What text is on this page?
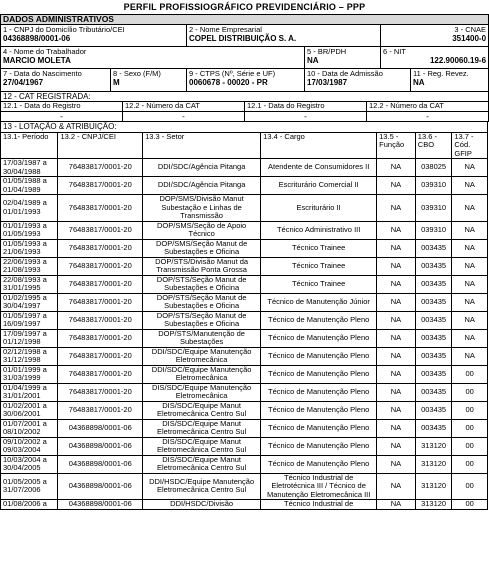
PERFIL PROFISSIOGRÁFICO PREVIDENCIÁRIO – PPP
DADOS ADMINISTRATIVOS			

1 - CNPJ do Domicílio Tributário/CEI
04368898/0001-06	2 - Nome Empresarial
COPEL DISTRIBUIÇÃO S. A.		3 - CNAE
351400-0

4 - Nome do Trabalhador
MARCIO MOLETA		5 - BR/PDH
NA	6 - NIT
122.90060.19-6
7 - Data do Nascimento
27/04/1967

8 - Sexo (F/M)
M

9 - CTPS (Nº, Série e UF)
0060678 - 00020 - PR

10 - Data de Admissão
17/03/1987

11 - Reg. Revez.
NA
12 - CAT REGISTRADA:			
12.1 - Data do Registro	12.2 - Número da CAT	12.1 - Data do Registro	12.2 - Número da CAT
-	-	-	-
13 - LOTAÇÃO & ATRIBUIÇÃO:						
13.1- Período	13.2 - CNPJ/CEI	13.3 - Setor	13.4 - Cargo	13.5 - Função	13.6 - CBO	13.7 - Cód. GFIP
17/03/1987 a 30/04/1988	76483817/0001-20	DDI/SDC/Agência Pitanga	Atendente de Consumidores II	NA	038025	NA
01/05/1988 a 01/04/1989	76483817/0001-20	DDI/SDC/Agência Pitanga	Escriturário Comercial II	NA	039310	NA
02/04/1989 a 01/01/1993	76483817/0001-20	DOP/SMS/Divisão Manut Subestação e Linhas de Transmissão	Escriturário II	NA	039310	NA
01/01/1993 a 01/05/1993	76483817/0001-20	DOP/SMS/Seção de Apoio Técnico	Técnico Administrativo III	NA	039310	NA
01/05/1993 a 21/06/1993	76483817/0001-20	DOP/SMS/Seção Manut de Subestações e Oficina	Técnico Trainee	NA	003435	NA
22/06/1993 a 21/08/1993	76483817/0001-20	DOP/STS/Divisão Manut da Transmissão Ponta Grossa	Técnico Trainee	NA	003435	NA
22/08/1993 a 31/01/1995	76483817/0001-20	DOP/STS/Seção Manut de Subestações e Oficina	Técnico Trainee	NA	003435	NA
01/02/1995 a 30/04/1997	76483817/0001-20	DOP/STS/Seção Manut de Subestações e Oficina	Técnico de Manutenção Júnior	NA	003435	NA
01/05/1997 a 16/09/1997	76483817/0001-20	DOP/STS/Seção Manut de Subestações e Oficina	Técnico de Manutenção Pleno	NA	003435	NA
17/09/1997 a 01/12/1998	76483817/0001-20	DOP/STS/Manutenção de Subestações	Técnico de Manutenção Pleno	NA	003435	NA
02/12/1998 a 31/12/1998	76483817/0001-20	DDI/SDC/Equipe Manutenção Eletromecânica	Técnico de Manutenção Pleno	NA	003435	NA
01/01/1999 a 31/03/1999	76483817/0001-20	DDI/SDC/Equipe Manutenção Eletromecânica	Técnico de Manutenção Pleno	NA	003435	00
01/04/1999 a 31/01/2001	76483817/0001-20	DIS/SDC/Equipe Manutenção Eletromecânica	Técnico de Manutenção Pleno	NA	003435	00
01/02/2001 a 30/06/2001	76483817/0001-20	DIS/SDC/Equipe Manut Eletromecânica Centro Sul	Técnico de Manutenção Pleno	NA	003435	00
01/07/2001 a 08/10/2002	04368898/0001-06	DIS/SDC/Equipe Manut Eletromecânica Centro Sul	Técnico de Manutenção Pleno	NA	003435	00
09/10/2002 a 09/03/2004	04368898/0001-06	DIS/SDC/Equipe Manut Eletromecânica Centro Sul	Técnico de Manutenção Pleno	NA	313120	00
10/03/2004 a 30/04/2005	04368898/0001-06	DIS/SDC/Equipe Manut Eletromecânica Centro Sul	Técnico de Manutenção Pleno	NA	313120	00
01/05/2005 a 31/07/2006	04368898/0001-06	DDI/HSDC/Equipe Manutenção Eletromecânica Centro Sul	Técnico Industrial de Eletrotécnica III / Técnico de Manutenção Eletromecânica III	NA	313120	00
01/08/2006 a	04368898/0001-06	DDI/HSDC/Divisão	Técnico Industrial de	NA	313120	00
